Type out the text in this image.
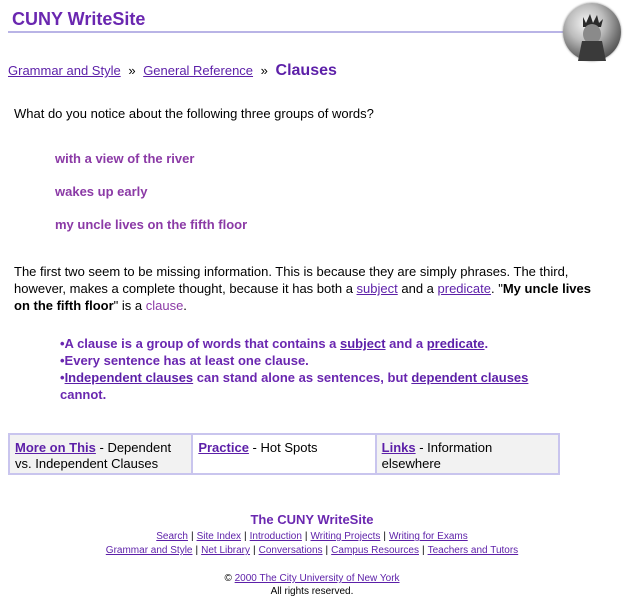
CUNY WriteSite
Grammar and Style » General Reference » Clauses
What do you notice about the following three groups of words?
with a view of the river
wakes up early
my uncle lives on the fifth floor
The first two seem to be missing information. This is because they are simply phrases. The third, however, makes a complete thought, because it has both a subject and a predicate. "My uncle lives on the fifth floor" is a clause.
•A clause is a group of words that contains a subject and a predicate.
•Every sentence has at least one clause.
•Independent clauses can stand alone as sentences, but dependent clauses cannot.
More on This - Dependent vs. Independent Clauses
Practice - Hot Spots	Links - Information elsewhere
The CUNY WriteSite
Search | Site Index | Introduction | Writing Projects | Writing for Exams
Grammar and Style | Net Library | Conversations | Campus Resources | Teachers and Tutors
© 2000 The City University of New York
All rights reserved.
